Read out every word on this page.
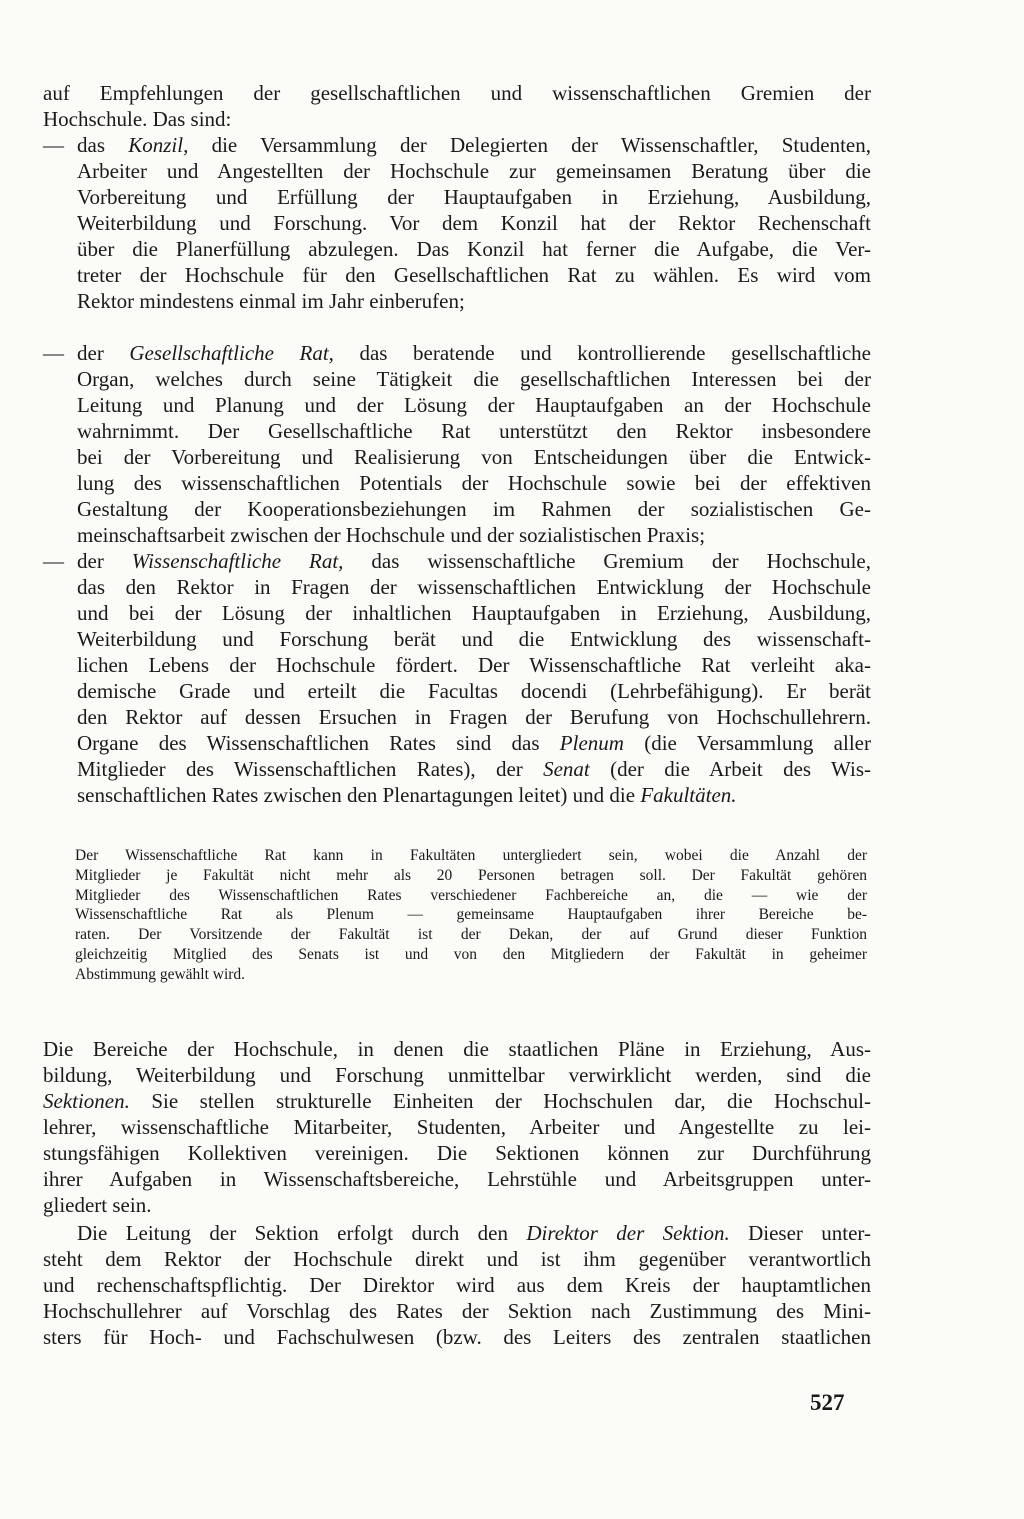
auf Empfehlungen der gesellschaftlichen und wissenschaftlichen Gremien der
Hochschule. Das sind:
— das Konzil, die Versammlung der Delegierten der Wissenschaftler, Studenten,
Arbeiter und Angestellten der Hochschule zur gemeinsamen Beratung über die
Vorbereitung und Erfüllung der Hauptaufgaben in Erziehung, Ausbildung,
Weiterbildung und Forschung. Vor dem Konzil hat der Rektor Rechenschaft
über die Planerfüllung abzulegen. Das Konzil hat ferner die Aufgabe, die Ver-
treter der Hochschule für den Gesellschaftlichen Rat zu wählen. Es wird vom
Rektor mindestens einmal im Jahr einberufen;
— der Gesellschaftliche Rat, das beratende und kontrollierende gesellschaftliche
Organ, welches durch seine Tätigkeit die gesellschaftlichen Interessen bei der
Leitung und Planung und der Lösung der Hauptaufgaben an der Hochschule
wahrnimmt. Der Gesellschaftliche Rat unterstützt den Rektor insbesondere
bei der Vorbereitung und Realisierung von Entscheidungen über die Entwick-
lung des wissenschaftlichen Potentials der Hochschule sowie bei der effektiven
Gestaltung der Kooperationsbeziehungen im Rahmen der sozialistischen Ge-
meinschaftsarbeit zwischen der Hochschule und der sozialistischen Praxis;
— der Wissenschaftliche Rat, das wissenschaftliche Gremium der Hochschule,
das den Rektor in Fragen der wissenschaftlichen Entwicklung der Hochschule
und bei der Lösung der inhaltlichen Hauptaufgaben in Erziehung, Ausbildung,
Weiterbildung und Forschung berät und die Entwicklung des wissenschaft-
lichen Lebens der Hochschule fördert. Der Wissenschaftliche Rat verleiht aka-
demische Grade und erteilt die Facultas docendi (Lehrbefähigung). Er berät
den Rektor auf dessen Ersuchen in Fragen der Berufung von Hochschullehrern.
Organe des Wissenschaftlichen Rates sind das Plenum (die Versammlung aller
Mitglieder des Wissenschaftlichen Rates), der Senat (der die Arbeit des Wis-
senschaftlichen Rates zwischen den Plenartagungen leitet) und die Fakultäten.
Der Wissenschaftliche Rat kann in Fakultäten untergliedert sein, wobei die Anzahl der
Mitglieder je Fakultät nicht mehr als 20 Personen betragen soll. Der Fakultät gehören
Mitglieder des Wissenschaftlichen Rates verschiedener Fachbereiche an, die — wie der
Wissenschaftliche Rat als Plenum — gemeinsame Hauptaufgaben ihrer Bereiche be-
raten. Der Vorsitzende der Fakultät ist der Dekan, der auf Grund dieser Funktion
gleichzeitig Mitglied des Senats ist und von den Mitgliedern der Fakultät in geheimer
Abstimmung gewählt wird.
Die Bereiche der Hochschule, in denen die staatlichen Pläne in Erziehung, Aus-
bildung, Weiterbildung und Forschung unmittelbar verwirklicht werden, sind die
Sektionen. Sie stellen strukturelle Einheiten der Hochschulen dar, die Hochschul-
lehrer, wissenschaftliche Mitarbeiter, Studenten, Arbeiter und Angestellte zu lei-
stungsfähigen Kollektiven vereinigen. Die Sektionen können zur Durchführung
ihrer Aufgaben in Wissenschaftsbereiche, Lehrstühle und Arbeitsgruppen unter-
gliedert sein.
Die Leitung der Sektion erfolgt durch den Direktor der Sektion. Dieser unter-
steht dem Rektor der Hochschule direkt und ist ihm gegenüber verantwortlich
und rechenschaftspflichtig. Der Direktor wird aus dem Kreis der hauptamtlichen
Hochschullehrer auf Vorschlag des Rates der Sektion nach Zustimmung des Mini-
sters für Hoch- und Fachschulwesen (bzw. des Leiters des zentralen staatlichen
527
